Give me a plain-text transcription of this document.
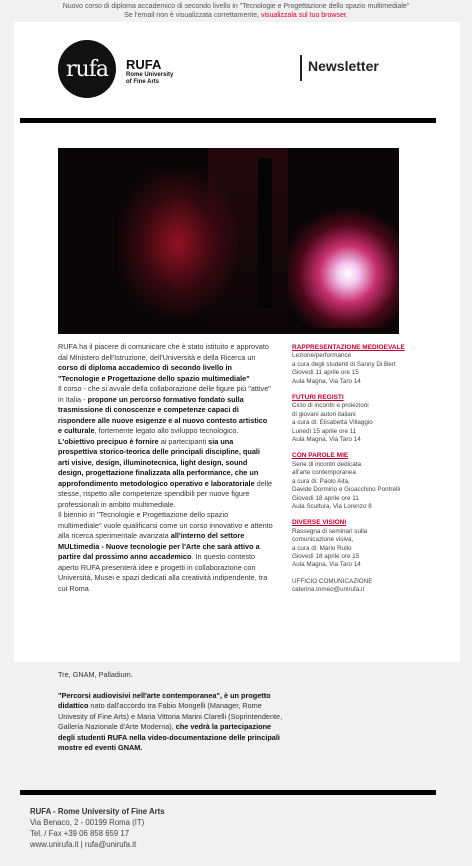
Nuovo corso di diploma accademico di secondo livello in "Tecnologie e Progettazione dello spazio multimediale"
Se l'email non è visualizzata correttamente, visualizzala sul tuo browser.
rufa RUFA
Rome University
of Fine Arts
Newsletter

RUFA ha il piacere di comunicare che è stato istituito e approvato dal Ministero dell'Istruzione, dell'Università e della Ricerca un corso di diploma accademico di secondo livello in "Tecnologie e Progettazione dello spazio multimediale"

Il corso - che si avvale della collaborazione delle figure più "attive" in Italia - propone un percorso formativo fondato sulla trasmissione di conoscenze e competenze capaci di rispondere alle nuove esigenze e al nuovo contesto artistico e culturale, fortemente legato allo sviluppo tecnologico.

L'obiettivo precipuo è fornire ai partecipanti sia una prospettiva storico-teorica delle principali discipline, quali arti visive, design, illuminotecnica, light design, sound design, progettazione finalizzata alla performance, che un approfondimento metodologico operativo e laboratoriale delle stesse, rispetto alle competenze spendibili per nuove figure professionali in ambito multimediale.

Il biennio in "Tecnologie e Progettazione dello spazio multimediale" vuole qualificarsi come un corso innovativo e attento alla ricerca sperimentale avanzata all'interno del settore MULtimedia - Nuove tecnologie per l'Arte che sarà attivo a partire dal prossimo anno accademico. In questo contesto aperto RUFA presenterà idee e progetti in collaborazione con Università, Musei e spazi dedicati alla creatività indipendente, tra cui Roma

RAPPRESENTAZIONE MEDIOEVALE
Lezione/performance
a cura degli studenti di Sanny Di Bert
Giovedì 11 aprile ore 15
Aula Magna, Via Taro 14
FUTURI REGISTI
Ciclo di incontri e proiezioni
di giovani autori italiani
a cura di: Elisabetta Villaggio
Lunedì 15 aprile ore 11
Aula Magna, Via Taro 14
CON PAROLE MIE
Serie di incontri dedicata
all'arte contemporanea
a cura di: Paolo Aita,
Davide Dormino e Gioacchino Pontrelli
Giovedì 18 aprile ore 11
Aula Scultura, Via Lorenzo 8
DIVERSE VISIONI
Rassegna di seminari sulla
comunicazione visiva,
a cura di: Mario Rullo
Giovedì 18 aprile ore 15
Aula Magna, Via Taro 14
UFFICIO COMUNICAZIONE
caterina.tomeo@unirufa.it

Tre, GNAM, Palladium.

"Percorsi audiovisivi nell'arte contemporanea", è un progetto didattico nato dall'accordo tra Fabio Mongelli (Manager, Rome Univesity of Fine Arts) e Maria Vittoria Marini Clarelli (Soprintendente, Galleria Nazionale d'Arte Moderna), che vedrà la partecipazione degli studenti RUFA nella video-documentazione delle principali mostre ed eventi GNAM.

RUFA - Rome University of Fine Arts
Via Benaco, 2 - 00199 Roma (IT)
Tel. / Fax +39 06 858 659 17
www.unirufa.it | rufa@unirufa.it
